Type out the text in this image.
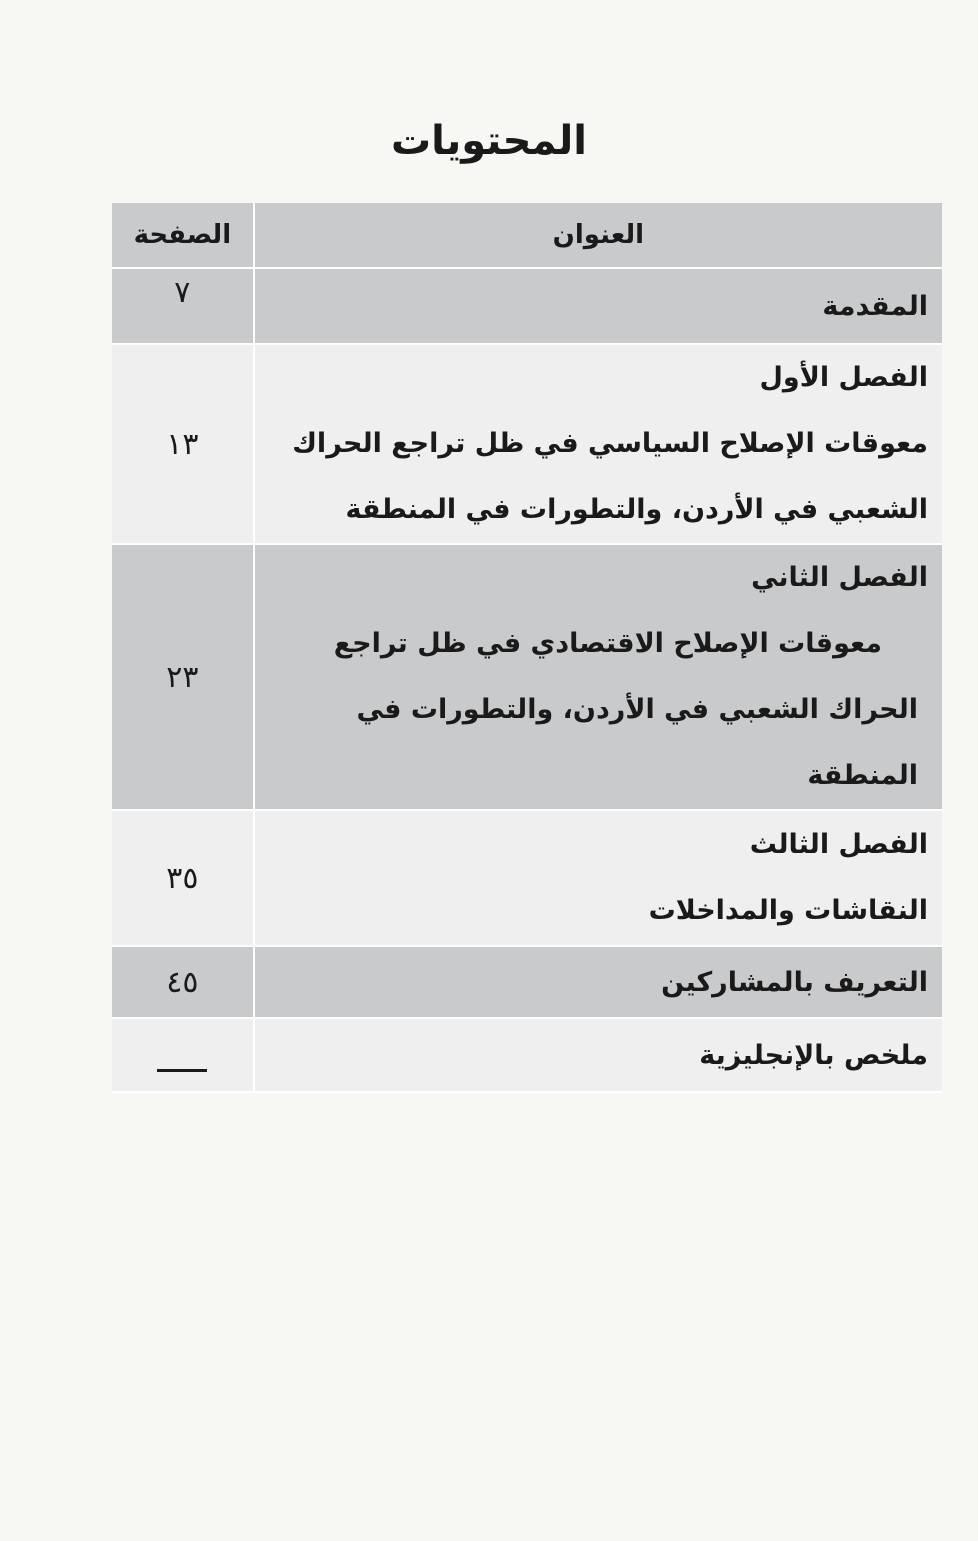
المحتويات
العنوان	الصفحة

المقدمة	٧

الفصل الأول
معوقات الإصلاح السياسي في ظل تراجع الحراك
الشعبي في الأردن، والتطورات في المنطقة	١٣

الفصل الثاني
معوقات الإصلاح الاقتصادي في ظل تراجع
الحراك الشعبي في الأردن، والتطورات في المنطقة	٢٣

الفصل الثالث
النقاشات والمداخلات	٣٥

التعريف بالمشاركين	٤٥

ملخص بالإنجليزية	
